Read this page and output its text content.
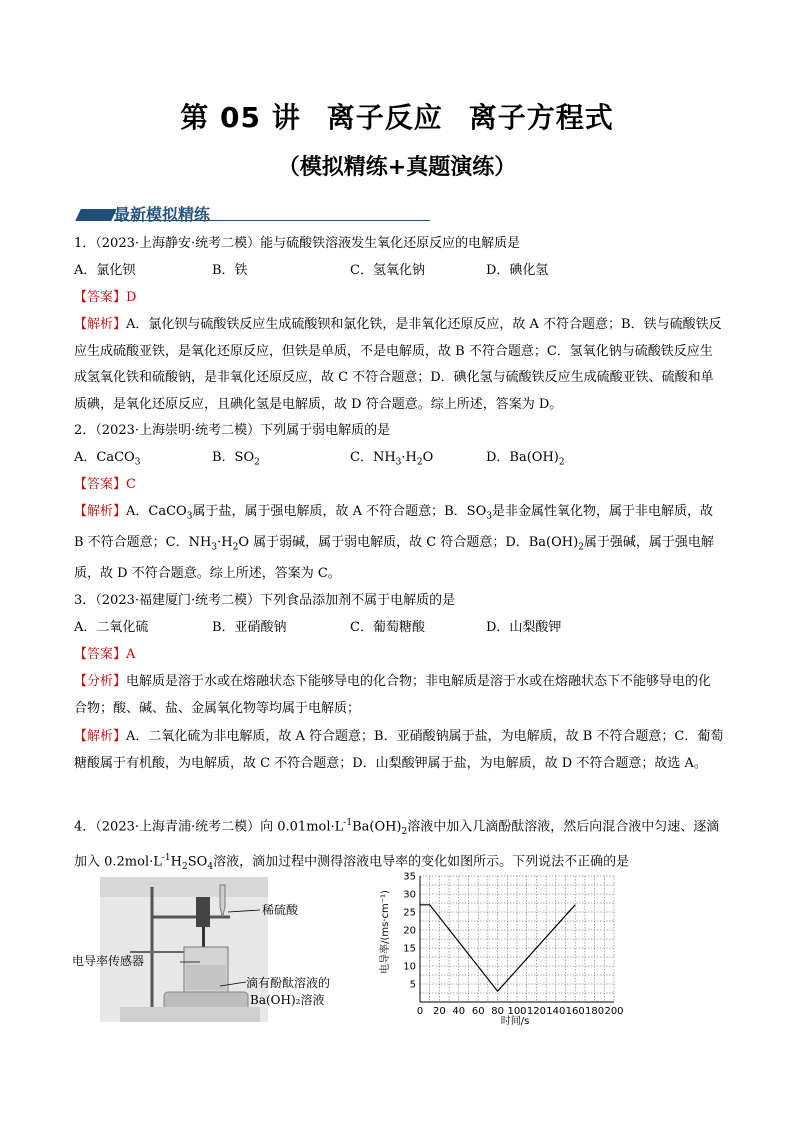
第 05 讲 离子反应 离子方程式
（模拟精练+真题演练）
最新模拟精练
1．（2023·上海静安·统考二模）能与硫酸铁溶液发生氧化还原反应的电解质是
A．氯化钡	B．铁	C．氢氧化钠	D．碘化氢
【答案】D
【解析】A．氯化钡与硫酸铁反应生成硫酸钡和氯化铁，是非氧化还原反应，故 A 不符合题意；B．铁与硫酸铁反应生成硫酸亚铁，是氧化还原反应，但铁是单质，不是电解质，故 B 不符合题意；C．氢氧化钠与硫酸铁反应生成氢氧化铁和硫酸钠，是非氧化还原反应，故 C 不符合题意；D．碘化氢与硫酸铁反应生成硫酸亚铁、硫酸和单质碘，是氧化还原反应，且碘化氢是电解质，故 D 符合题意。综上所述，答案为 D。
2．（2023·上海崇明·统考二模）下列属于弱电解质的是
A．CaCO$_3$	B．$SO_2$	C．$NH_3\cdot H_2O$	D．$Ba(OH)_2$
【答案】C
【解析】A．CaCO$_3$属于盐，属于强电解质，故 A 不符合题意；B．$SO_3$是非金属性氧化物，属于非电解质，故 B 不符合题意；C．$NH_3\cdot H_2O$ 属于弱碱，属于弱电解质，故 C 符合题意；D．$Ba(OH)_2$属于强碱，属于强电解质，故 D 不符合题意。综上所述，答案为 C。
3．（2023·福建厦门·统考二模）下列食品添加剂不属于电解质的是
A．二氧化硫	B．亚硝酸钠	C．葡萄糖酸	D．山梨酸钾
【答案】A
【分析】电解质是溶于水或在熔融状态下能够导电的化合物；非电解质是溶于水或在熔融状态下不能够导电的化合物；酸、碱、盐、金属氧化物等均属于电解质；
【解析】A．二氧化硫为非电解质，故 A 符合题意；B．亚硝酸钠属于盐，为电解质，故 B 不符合题意；C．葡萄糖酸属于有机酸，为电解质，故 C 不符合题意；D．山梨酸钾属于盐，为电解质，故 D 不符合题意；故选 A。
4．（2023·上海青浦·统考二模）向 $0.01mol\cdot L^{-1}Ba(OH)_2$溶液中加入几滴酚酞溶液，然后向混合液中匀速、逐滴加入 $0.2mol\cdot L^{-1}H_2SO_4$溶液，滴加过程中测得溶液电导率的变化如图所示。下列说法不正确的是
稀硫酸
电导率传感器
滴有酚酞溶液的
Ba(OH)₂溶液
0 20 40 60 80 100 120 140 160 180 200
5
10
15
20
25
30
35
电导率/(ms·cm⁻¹)
时间/s
